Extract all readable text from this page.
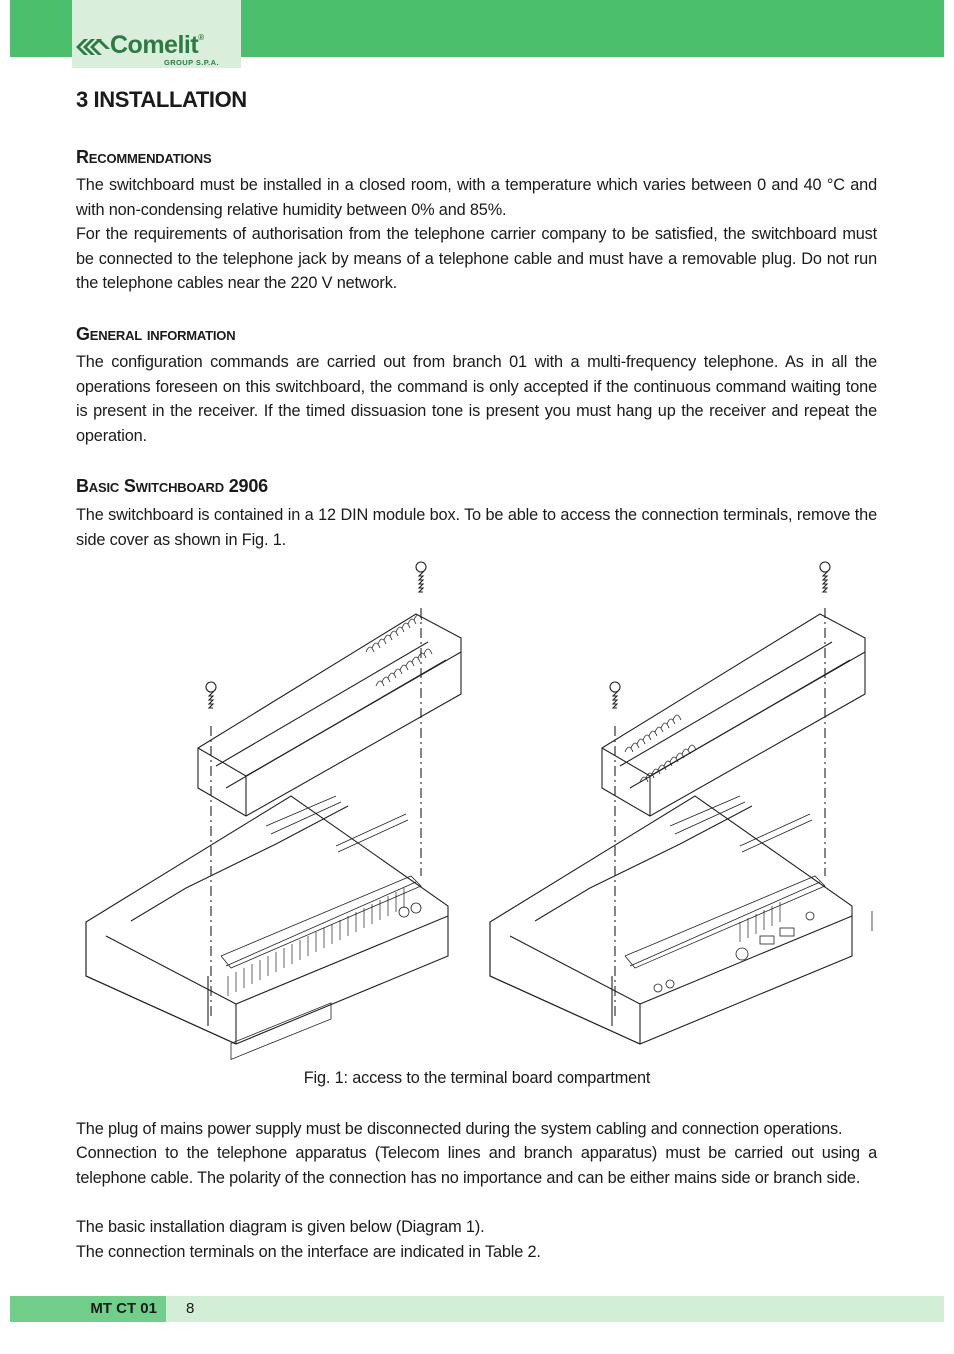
Comelit®
GROUP S.P.A.
3 INSTALLATION
Recommendations

The switchboard must be installed in a closed room, with a temperature which varies between 0 and 40 °C and with non-condensing relative humidity between 0% and 85%.

For the requirements of authorisation from the telephone carrier company to be satisfied, the switchboard must be connected to the telephone jack by means of a telephone cable and must have a removable plug. Do not run the telephone cables near the 220 V network.

General information

The configuration commands are carried out from branch 01 with a multi-frequency telephone. As in all the operations foreseen on this switchboard, the command is only accepted if the continuous command waiting tone is present in the receiver. If the timed dissuasion tone is present you must hang up the receiver and repeat the operation.

Basic Switchboard 2906

The switchboard is contained in a 12 DIN module box. To be able to access the connection terminals, remove the side cover as shown in Fig. 1.

Fig. 1: access to the terminal board compartment

The plug of mains power supply must be disconnected during the system cabling and connection operations.

Connection to the telephone apparatus (Telecom lines and branch apparatus) must be carried out using a telephone cable. The polarity of the connection has no importance and can be either mains side or branch side.

The basic installation diagram is given below (Diagram 1).

The connection terminals on the interface are indicated in Table 2.

MT CT 01	8
